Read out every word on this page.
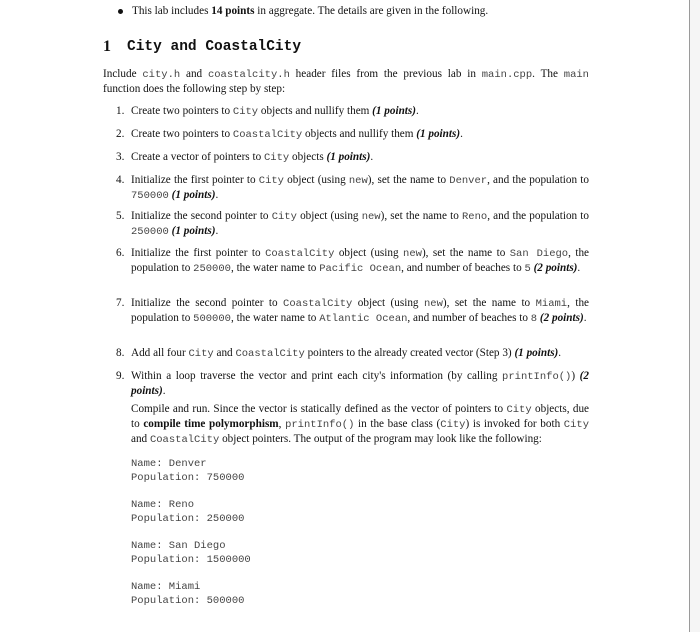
This lab includes 14 points in aggregate. The details are given in the following.
1 City and CoastalCity
Include city.h and coastalcity.h header files from the previous lab in main.cpp. The main function does the following step by step:
1. Create two pointers to City objects and nullify them (1 points).
2. Create two pointers to CoastalCity objects and nullify them (1 points).
3. Create a vector of pointers to City objects (1 points).
4. Initialize the first pointer to City object (using new), set the name to Denver, and the population to 750000 (1 points).
5. Initialize the second pointer to City object (using new), set the name to Reno, and the population to 250000 (1 points).
6. Initialize the first pointer to CoastalCity object (using new), set the name to San Diego, the population to 250000, the water name to Pacific Ocean, and number of beaches to 5 (2 points).
7. Initialize the second pointer to CoastalCity object (using new), set the name to Miami, the population to 500000, the water name to Atlantic Ocean, and number of beaches to 8 (2 points).
8. Add all four City and CoastalCity pointers to the already created vector (Step 3) (1 points).
9. Within a loop traverse the vector and print each city's information (by calling printInfo()) (2 points).
Compile and run. Since the vector is statically defined as the vector of pointers to City objects, due to compile time polymorphism, printInfo() in the base class (City) is invoked for both City and CoastalCity object pointers. The output of the program may look like the following:
Name: Denver
Population: 750000
Name: Reno
Population: 250000
Name: San Diego
Population: 1500000
Name: Miami
Population: 500000
